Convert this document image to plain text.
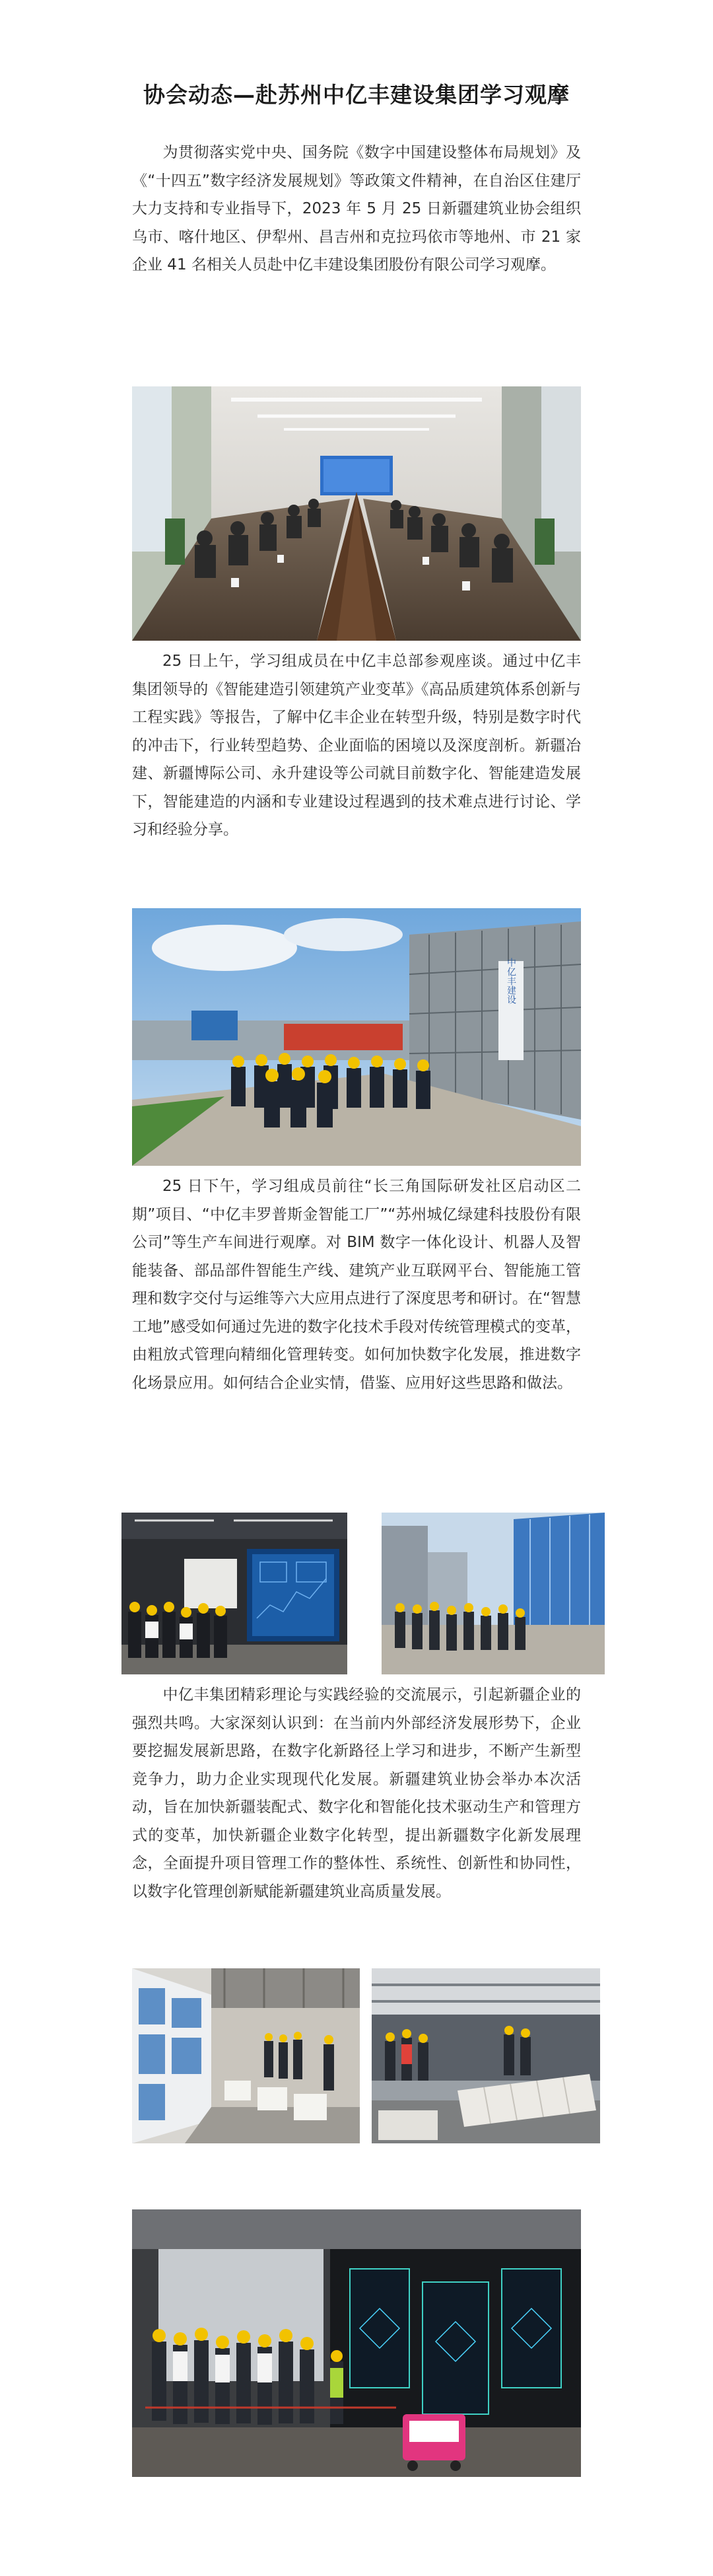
协会动态—赴苏州中亿丰建设集团学习观摩
为贯彻落实党中央、国务院《数字中国建设整体布局规划》及《“十四五”数字经济发展规划》等政策文件精神，在自治区住建厅大力支持和专业指导下，2023 年 5 月 25 日新疆建筑业协会组织乌市、喀什地区、伊犁州、昌吉州和克拉玛依市等地州、市 21 家企业 41 名相关人员赴中亿丰建设集团股份有限公司学习观摩。
25 日上午，学习组成员在中亿丰总部参观座谈。通过中亿丰集团领导的《智能建造引领建筑产业变革》《高品质建筑体系创新与工程实践》等报告，了解中亿丰企业在转型升级，特别是数字时代的冲击下，行业转型趋势、企业面临的困境以及深度剖析。新疆冶建、新疆博际公司、永升建设等公司就目前数字化、智能建造发展下，智能建造的内涵和专业建设过程遇到的技术难点进行讨论、学习和经验分享。
中亿丰建设
25 日下午，学习组成员前往“长三角国际研发社区启动区二期”项目、“中亿丰罗普斯金智能工厂”“苏州城亿绿建科技股份有限公司”等生产车间进行观摩。对 BIM 数字一体化设计、机器人及智能装备、部品部件智能生产线、建筑产业互联网平台、智能施工管理和数字交付与运维等六大应用点进行了深度思考和研讨。在“智慧工地”感受如何通过先进的数字化技术手段对传统管理模式的变革，由粗放式管理向精细化管理转变。如何加快数字化发展，推进数字化场景应用。如何结合企业实情，借鉴、应用好这些思路和做法。
中亿丰集团精彩理论与实践经验的交流展示，引起新疆企业的强烈共鸣。大家深刻认识到：在当前内外部经济发展形势下，企业要挖掘发展新思路，在数字化新路径上学习和进步，不断产生新型竞争力，助力企业实现现代化发展。新疆建筑业协会举办本次活动，旨在加快新疆装配式、数字化和智能化技术驱动生产和管理方式的变革，加快新疆企业数字化转型，提出新疆数字化新发展理念，全面提升项目管理工作的整体性、系统性、创新性和协同性，以数字化管理创新赋能新疆建筑业高质量发展。
